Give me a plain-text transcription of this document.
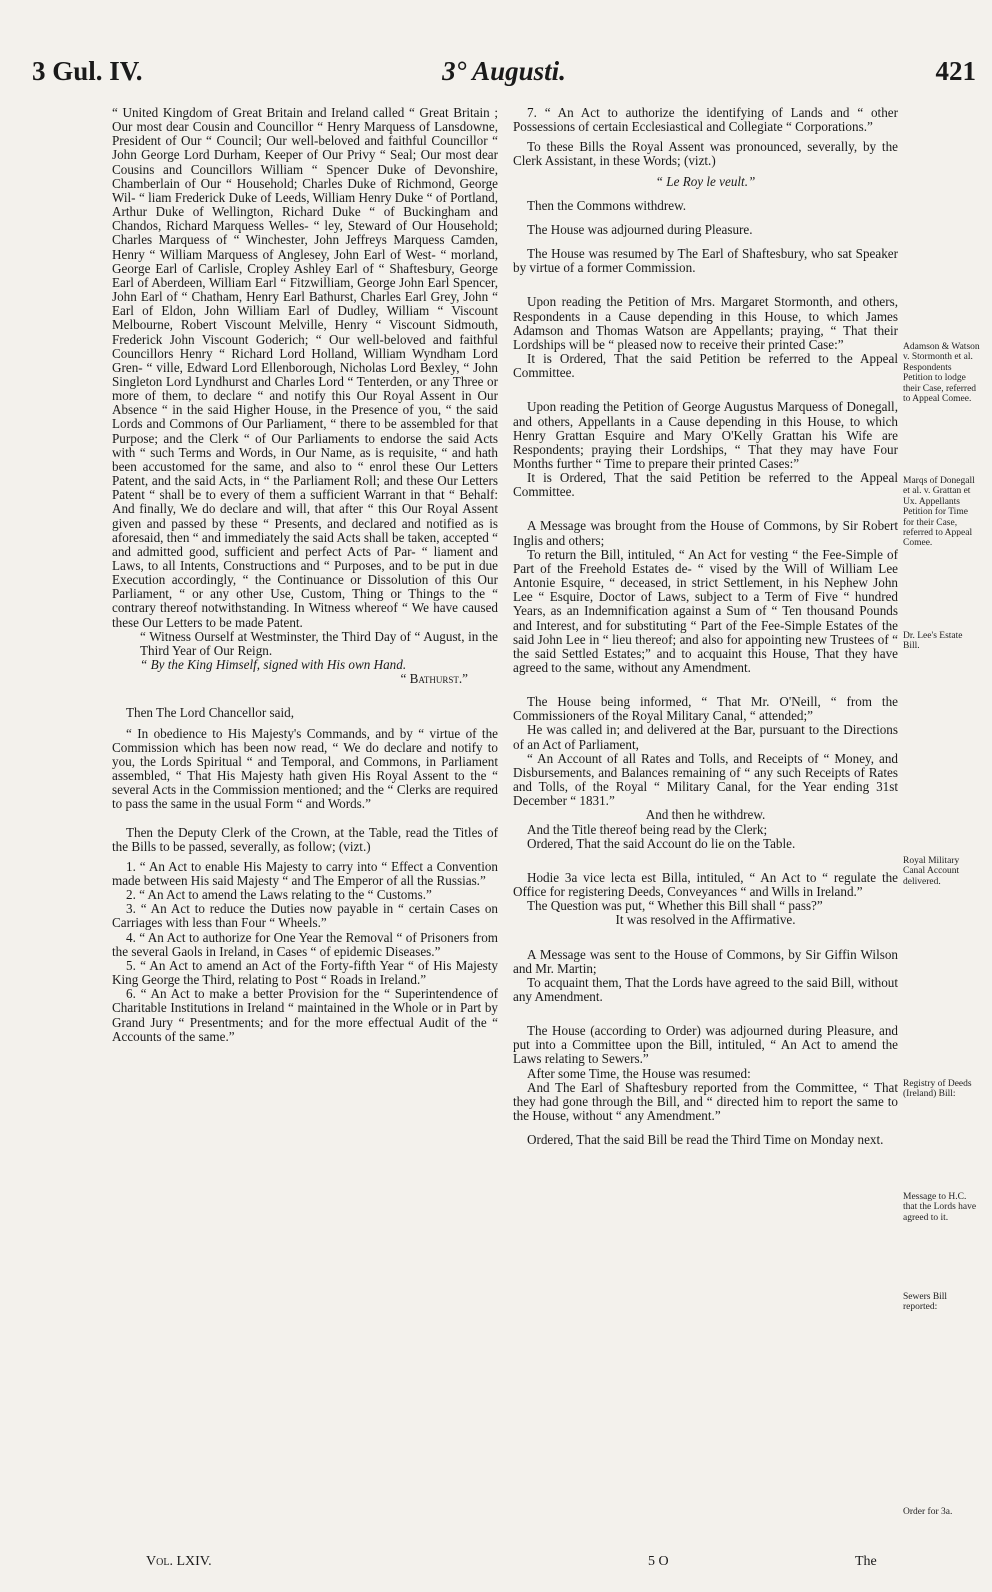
3 Gul. IV.	3° Augusti.	421

“ United Kingdom of Great Britain and Ireland called “ Great Britain ; Our most dear Cousin and Councillor “ Henry Marquess of Lansdowne, President of Our “ Council; Our well-beloved and faithful Councillor “ John George Lord Durham, Keeper of Our Privy “ Seal; Our most dear Cousins and Councillors William “ Spencer Duke of Devonshire, Chamberlain of Our “ Household; Charles Duke of Richmond, George Wil- “ liam Frederick Duke of Leeds, William Henry Duke “ of Portland, Arthur Duke of Wellington, Richard Duke “ of Buckingham and Chandos, Richard Marquess Welles- “ ley, Steward of Our Household; Charles Marquess of “ Winchester, John Jeffreys Marquess Camden, Henry “ William Marquess of Anglesey, John Earl of West- “ morland, George Earl of Carlisle, Cropley Ashley Earl of “ Shaftesbury, George Earl of Aberdeen, William Earl “ Fitzwilliam, George John Earl Spencer, John Earl of “ Chatham, Henry Earl Bathurst, Charles Earl Grey, John “ Earl of Eldon, John William Earl of Dudley, William “ Viscount Melbourne, Robert Viscount Melville, Henry “ Viscount Sidmouth, Frederick John Viscount Goderich; “ Our well-beloved and faithful Councillors Henry “ Richard Lord Holland, William Wyndham Lord Gren- “ ville, Edward Lord Ellenborough, Nicholas Lord Bexley, “ John Singleton Lord Lyndhurst and Charles Lord “ Tenterden, or any Three or more of them, to declare “ and notify this Our Royal Assent in Our Absence “ in the said Higher House, in the Presence of you, “ the said Lords and Commons of Our Parliament, “ there to be assembled for that Purpose; and the Clerk “ of Our Parliaments to endorse the said Acts with “ such Terms and Words, in Our Name, as is requisite, “ and hath been accustomed for the same, and also to “ enrol these Our Letters Patent, and the said Acts, in “ the Parliament Roll; and these Our Letters Patent “ shall be to every of them a sufficient Warrant in that “ Behalf: And finally, We do declare and will, that after “ this Our Royal Assent given and passed by these “ Presents, and declared and notified as is aforesaid, then “ and immediately the said Acts shall be taken, accepted “ and admitted good, sufficient and perfect Acts of Par- “ liament and Laws, to all Intents, Constructions and “ Purposes, and to be put in due Execution accordingly, “ the Continuance or Dissolution of this Our Parliament, “ or any other Use, Custom, Thing or Things to the “ contrary thereof notwithstanding. In Witness whereof “ We have caused these Our Letters to be made Patent.

“ Witness Ourself at Westminster, the Third Day of “ August, in the Third Year of Our Reign.

“ By the King Himself, signed with His own Hand.

“ Bathurst.”

Then The Lord Chancellor said,

“ In obedience to His Majesty's Commands, and by “ virtue of the Commission which has been now read, “ We do declare and notify to you, the Lords Spiritual “ and Temporal, and Commons, in Parliament assembled, “ That His Majesty hath given His Royal Assent to the “ several Acts in the Commission mentioned; and the “ Clerks are required to pass the same in the usual Form “ and Words.”

Then the Deputy Clerk of the Crown, at the Table, read the Titles of the Bills to be passed, severally, as follow; (vizt.)

1. “ An Act to enable His Majesty to carry into “ Effect a Convention made between His said Majesty “ and The Emperor of all the Russias.”

2. “ An Act to amend the Laws relating to the “ Customs.”

3. “ An Act to reduce the Duties now payable in “ certain Cases on Carriages with less than Four “ Wheels.”

4. “ An Act to authorize for One Year the Removal “ of Prisoners from the several Gaols in Ireland, in Cases “ of epidemic Diseases.”

5. “ An Act to amend an Act of the Forty-fifth Year “ of His Majesty King George the Third, relating to Post “ Roads in Ireland.”

6. “ An Act to make a better Provision for the “ Superintendence of Charitable Institutions in Ireland “ maintained in the Whole or in Part by Grand Jury “ Presentments; and for the more effectual Audit of the “ Accounts of the same.”

7. “ An Act to authorize the identifying of Lands and “ other Possessions of certain Ecclesiastical and Collegiate “ Corporations.”

To these Bills the Royal Assent was pronounced, severally, by the Clerk Assistant, in these Words; (vizt.)

“ Le Roy le veult.”

Then the Commons withdrew.

The House was adjourned during Pleasure.

The House was resumed by The Earl of Shaftesbury, who sat Speaker by virtue of a former Commission.

Upon reading the Petition of Mrs. Margaret Stormonth, and others, Respondents in a Cause depending in this House, to which James Adamson and Thomas Watson are Appellants; praying, “ That their Lordships will be “ pleased now to receive their printed Case:”

It is Ordered, That the said Petition be referred to the Appeal Committee.

Upon reading the Petition of George Augustus Marquess of Donegall, and others, Appellants in a Cause depending in this House, to which Henry Grattan Esquire and Mary O'Kelly Grattan his Wife are Respondents; praying their Lordships, “ That they may have Four Months further “ Time to prepare their printed Cases:”

It is Ordered, That the said Petition be referred to the Appeal Committee.

A Message was brought from the House of Commons, by Sir Robert Inglis and others;

To return the Bill, intituled, “ An Act for vesting “ the Fee-Simple of Part of the Freehold Estates de- “ vised by the Will of William Lee Antonie Esquire, “ deceased, in strict Settlement, in his Nephew John Lee “ Esquire, Doctor of Laws, subject to a Term of Five “ hundred Years, as an Indemnification against a Sum of “ Ten thousand Pounds and Interest, and for substituting “ Part of the Fee-Simple Estates of the said John Lee in “ lieu thereof; and also for appointing new Trustees of “ the said Settled Estates;” and to acquaint this House, That they have agreed to the same, without any Amendment.

The House being informed, “ That Mr. O'Neill, “ from the Commissioners of the Royal Military Canal, “ attended;”

He was called in; and delivered at the Bar, pursuant to the Directions of an Act of Parliament,

“ An Account of all Rates and Tolls, and Receipts of “ Money, and Disbursements, and Balances remaining of “ any such Receipts of Rates and Tolls, of the Royal “ Military Canal, for the Year ending 31st December “ 1831.”

And then he withdrew.

And the Title thereof being read by the Clerk;

Ordered, That the said Account do lie on the Table.

Hodie 3a vice lecta est Billa, intituled, “ An Act to “ regulate the Office for registering Deeds, Conveyances “ and Wills in Ireland.”

The Question was put, “ Whether this Bill shall “ pass?”

It was resolved in the Affirmative.

A Message was sent to the House of Commons, by Sir Giffin Wilson and Mr. Martin;

To acquaint them, That the Lords have agreed to the said Bill, without any Amendment.

The House (according to Order) was adjourned during Pleasure, and put into a Committee upon the Bill, intituled, “ An Act to amend the Laws relating to Sewers.”

After some Time, the House was resumed:

And The Earl of Shaftesbury reported from the Committee, “ That they had gone through the Bill, and “ directed him to report the same to the House, without “ any Amendment.”

Ordered, That the said Bill be read the Third Time on Monday next.

Adamson & Watson v. Stormonth et al. Respondents Petition to lodge their Case, referred to Appeal Comee.
Marqs of Donegall et al. v. Grattan et Ux. Appellants Petition for Time for their Case, referred to Appeal Comee.
Dr. Lee's Estate Bill.
Royal Military Canal Account delivered.
Registry of Deeds (Ireland) Bill:
Message to H.C. that the Lords have agreed to it.
Sewers Bill reported:
Order for 3a.
Vol. LXIV.	5 O	The
